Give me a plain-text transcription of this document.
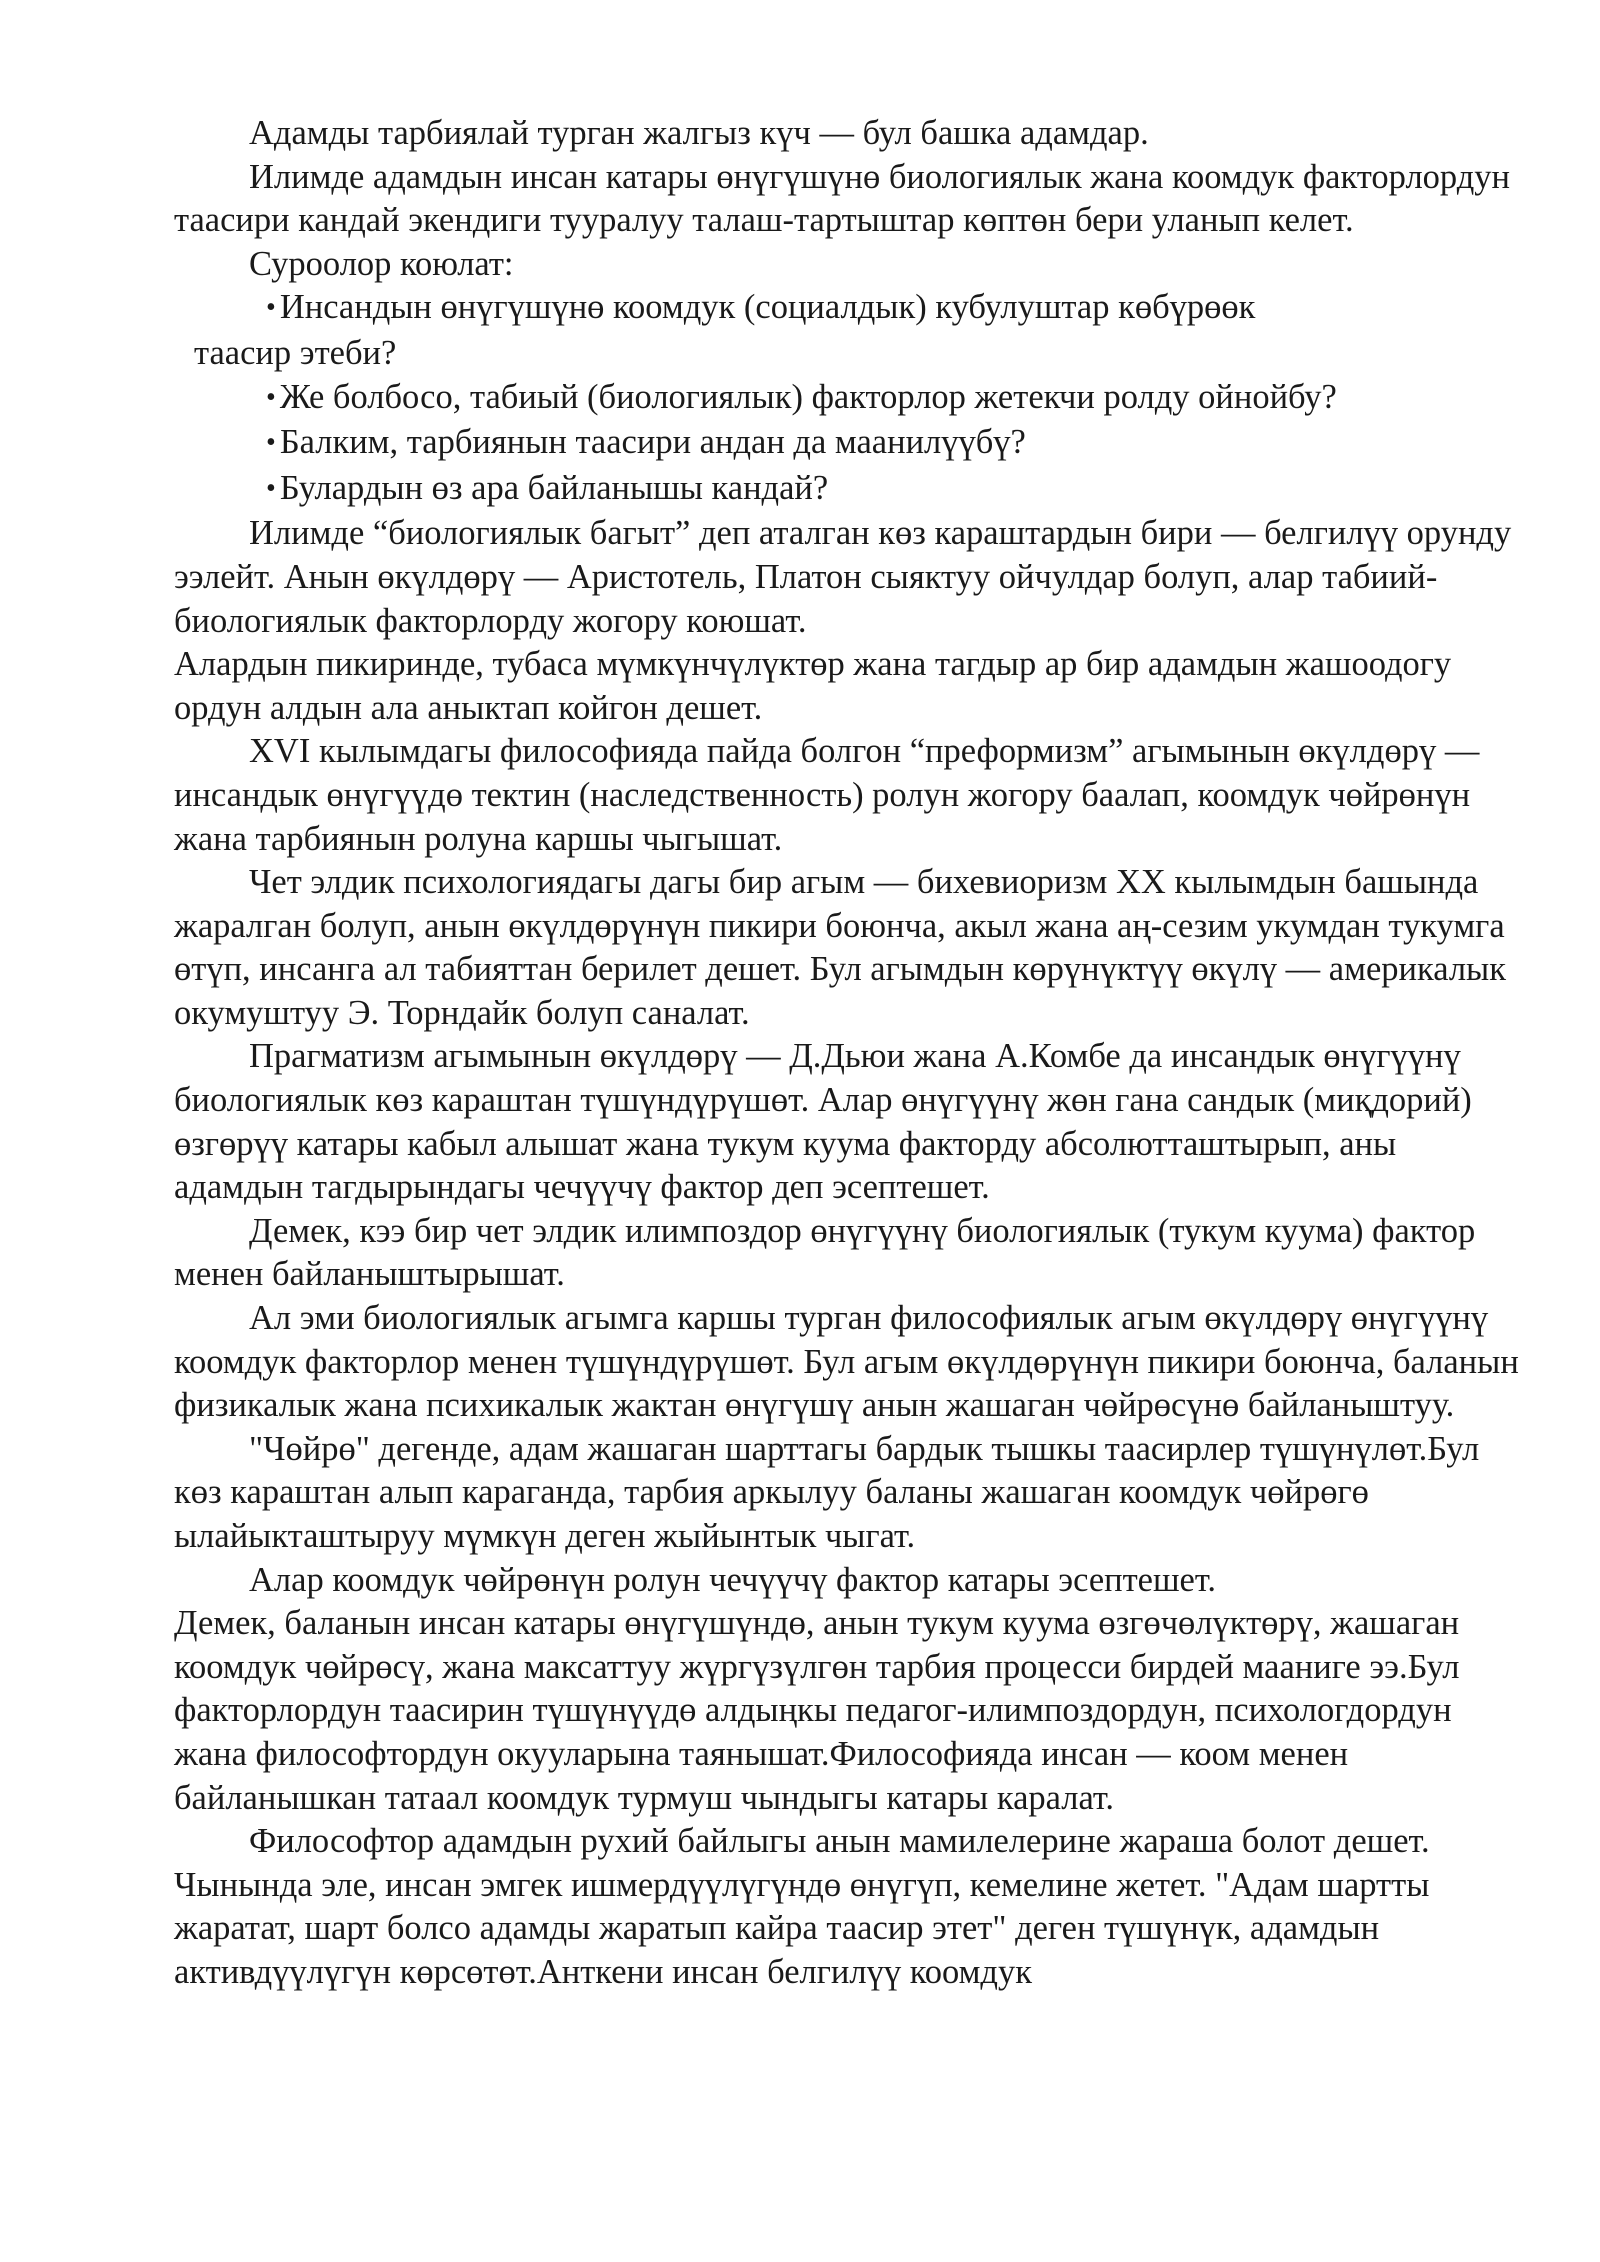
Адамды тарбиялай турган жалгыз күч — бул башка адамдар.

Илимде адамдын инсан катары өнүгүшүнө биологиялык жана коомдук факторлордун таасири кандай экендиги тууралуу талаш-тартыштар көптөн бери уланып келет.

Суроолор коюлат:

• Инсандын өнүгүшүнө коомдук (социалдык) кубулуштар көбүрөөк
таасир этеби?
• Же болбосо, табиый (биологиялык) факторлор жетекчи ролду ойнойбу?
• Балким, тарбиянын таасири андан да маанилүүбү?
• Булардын өз ара байланышы кандай?

Илимде “биологиялык багыт” деп аталган көз караштардын бири — белгилүү орунду ээлейт. Анын өкүлдөрү — Аристотель, Платон сыяктуу ойчулдар болуп, алар табиий-биологиялык факторлорду жогору коюшат.

Алардын пикиринде, тубаса мүмкүнчүлүктөр жана тагдыр ар бир адамдын жашоодогу ордун алдын ала аныктап койгон дешет.

XVI кылымдагы философияда пайда болгон “преформизм” агымынын өкүлдөрү — инсандык өнүгүүдө тектин (наследственность) ролун жогору баалап, коомдук чөйрөнүн жана тарбиянын ролуна каршы чыгышат.

Чет элдик психологиядагы дагы бир агым — бихевиоризм XX кылымдын башында жаралган болуп, анын өкүлдөрүнүн пикири боюнча, акыл жана аң-сезим укумдан тукумга өтүп, инсанга ал табияттан берилет дешет. Бул агымдын көрүнүктүү өкүлү — америкалык окумуштуу Э. Торндайк болуп саналат.

Прагматизм агымынын өкүлдөрү — Д.Дьюи жана А.Комбе да инсандык өнүгүүнү биологиялык көз караштан түшүндүрүшөт. Алар өнүгүүнү жөн гана сандык (миқдорий) өзгөрүү катары кабыл алышат жана тукум куума факторду абсолютташтырып, аны адамдын тагдырындагы чечүүчү фактор деп эсептешет.

Демек, кээ бир чет элдик илимпоздор өнүгүүнү биологиялык (тукум куума) фактор менен байланыштырышат.

Ал эми биологиялык агымга каршы турган философиялык агым өкүлдөрү өнүгүүнү коомдук факторлор менен түшүндүрүшөт. Бул агым өкүлдөрүнүн пикири боюнча, баланын физикалык жана психикалык жактан өнүгүшү анын жашаган чөйрөсүнө байланыштуу.

"Чөйрө" дегенде, адам жашаган шарттагы бардык тышкы таасирлер түшүнүлөт.Бул көз караштан алып караганда, тарбия аркылуу баланы жашаган коомдук чөйрөгө ылайыкташтыруу мүмкүн деген жыйынтык чыгат.

Алар коомдук чөйрөнүн ролун чечүүчү фактор катары эсептешет.

Демек, баланын инсан катары өнүгүшүндө, анын тукум куума өзгөчөлүктөрү, жашаган коомдук чөйрөсү, жана максаттуу жүргүзүлгөн тарбия процесси бирдей мааниге ээ.Бул факторлордун таасирин түшүнүүдө алдыңкы педагог-илимпоздордун, психологдордун жана философтордун окууларына таянышат.Философияда инсан — коом менен байланышкан татаал коомдук турмуш чындыгы катары каралат.

Философтор адамдын рухий байлыгы анын мамилелерине жараша болот дешет. Чынында эле, инсан эмгек ишмердүүлүгүндө өнүгүп, кемелине жетет. "Адам шартты жаратат, шарт болсо адамды жаратып кайра таасир этет" деген түшүнүк, адамдын активдүүлүгүн көрсөтөт.Анткени инсан белгилүү коомдук
